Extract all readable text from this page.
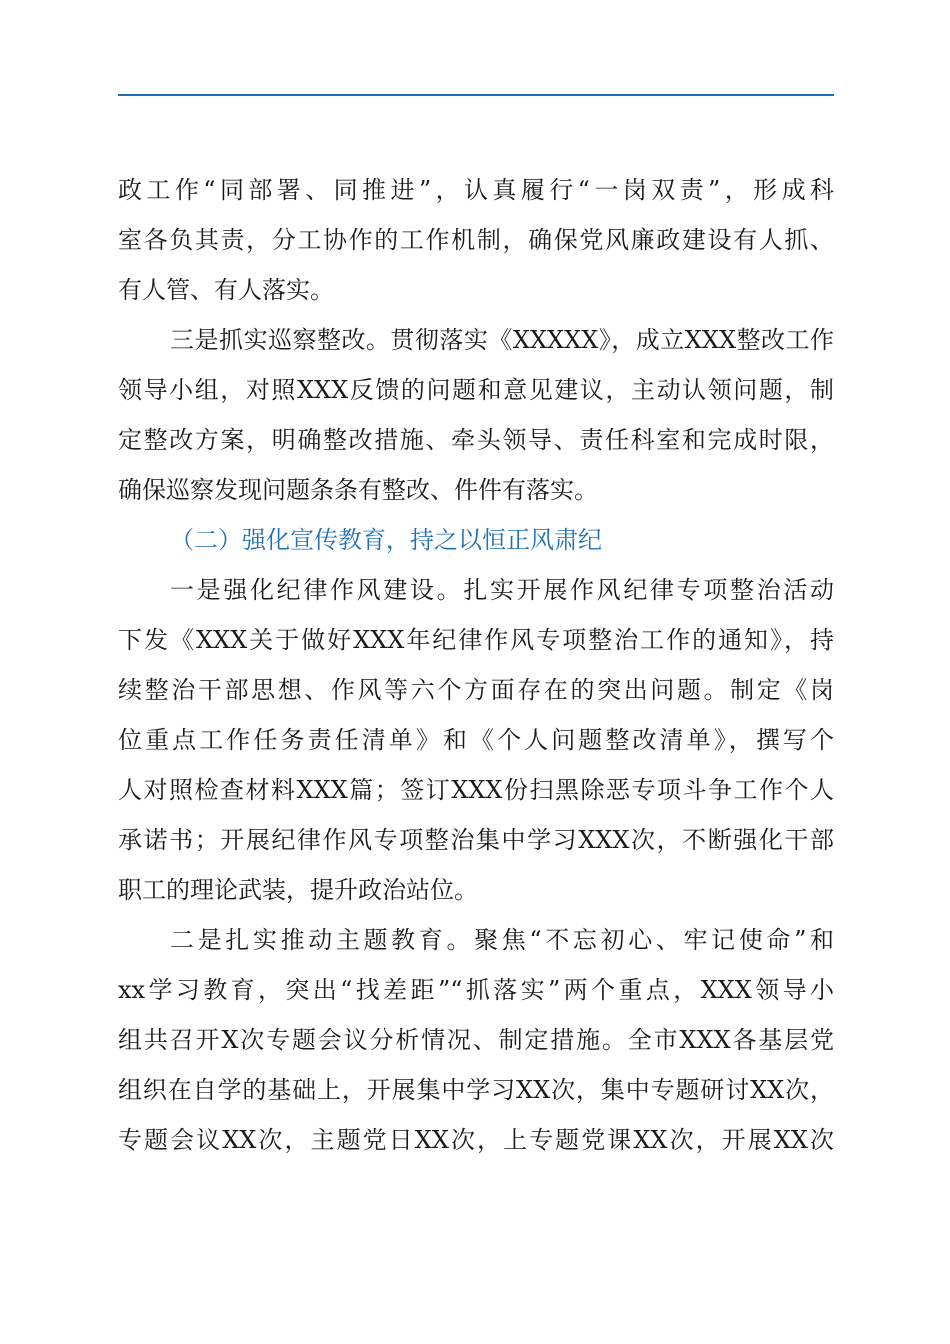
政工作“同部署、同推进”，认真履行“一岗双责”，形成科
室各负其责，分工协作的工作机制，确保党风廉政建设有人抓、
有人管、有人落实。
三是抓实巡察整改。贯彻落实《XXXXX》，成立XXX整改工作
领导小组，对照XXX反馈的问题和意见建议，主动认领问题，制
定整改方案，明确整改措施、牵头领导、责任科室和完成时限，
确保巡察发现问题条条有整改、件件有落实。
（二）强化宣传教育，持之以恒正风肃纪
一是强化纪律作风建设。扎实开展作风纪律专项整治活动
下发《XXX关于做好XXX年纪律作风专项整治工作的通知》，持
续整治干部思想、作风等六个方面存在的突出问题。制定《岗
位重点工作任务责任清单》和《个人问题整改清单》，撰写个
人对照检查材料XXX篇；签订XXX份扫黑除恶专项斗争工作个人
承诺书；开展纪律作风专项整治集中学习XXX次，不断强化干部
职工的理论武装，提升政治站位。
二是扎实推动主题教育。聚焦“不忘初心、牢记使命”和
xx学习教育，突出“找差距”“抓落实”两个重点，XXX领导小
组共召开X次专题会议分析情况、制定措施。全市XXX各基层党
组织在自学的基础上，开展集中学习XX次，集中专题研讨XX次，
专题会议XX次，主题党日XX次，上专题党课XX次，开展XX次
